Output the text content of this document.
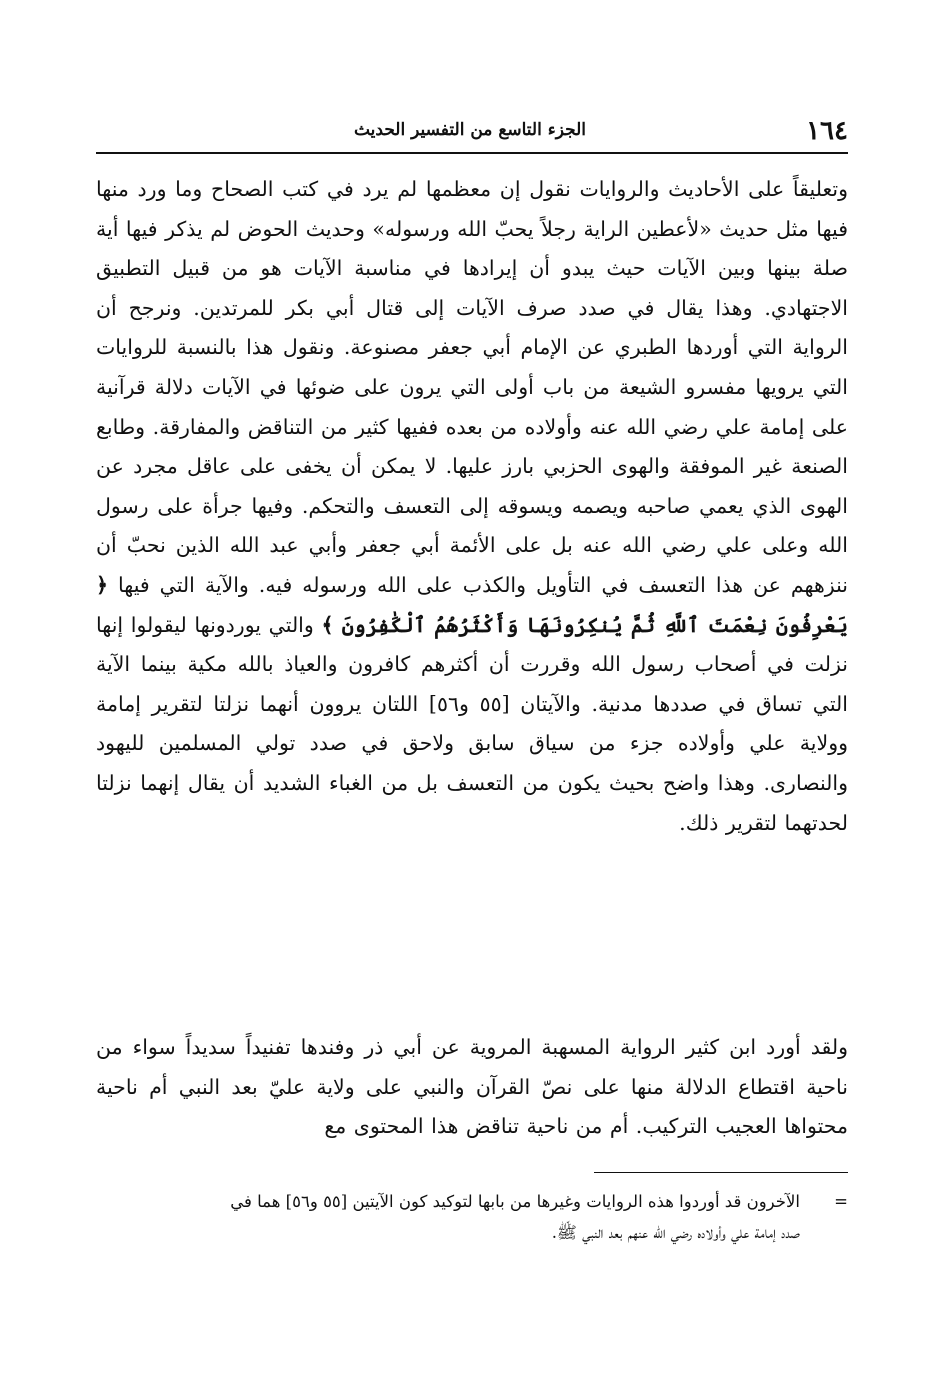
١٦٤
الجزء التاسع من التفسير الحديث

وتعليقاً على الأحاديث والروايات نقول إن معظمها لم يرد في كتب الصحاح وما ورد منها فيها مثل حديث «لأعطين الراية رجلاً يحبّ الله ورسوله» وحديث الحوض لم يذكر فيها أية صلة بينها وبين الآيات حيث يبدو أن إيرادها في مناسبة الآيات هو من قبيل التطبيق الاجتهادي. وهذا يقال في صدد صرف الآيات إلى قتال أبي بكر للمرتدين. ونرجح أن الرواية التي أوردها الطبري عن الإمام أبي جعفر مصنوعة. ونقول هذا بالنسبة للروايات التي يرويها مفسرو الشيعة من باب أولى التي يرون على ضوئها في الآيات دلالة قرآنية على إمامة علي رضي الله عنه وأولاده من بعده ففيها كثير من التناقض والمفارقة. وطابع الصنعة غير الموفقة والهوى الحزبي بارز عليها. لا يمكن أن يخفى على عاقل مجرد عن الهوى الذي يعمي صاحبه ويصمه ويسوقه إلى التعسف والتحكم. وفيها جرأة على رسول الله وعلى علي رضي الله عنه بل على الأئمة أبي جعفر وأبي عبد الله الذين نحبّ أن ننزههم عن هذا التعسف في التأويل والكذب على الله ورسوله فيه. والآية التي فيها ﴿ يَعْرِفُونَ نِعْمَتَ ٱللَّهِ ثُمَّ يُنكِرُونَهَا وَأَكْثَرُهُمُ ٱلْكَٰفِرُونَ ﴾ والتي يوردونها ليقولوا إنها نزلت في أصحاب رسول الله وقررت أن أكثرهم كافرون والعياذ بالله مكية بينما الآية التي تساق في صددها مدنية. والآيتان [٥٥ و٥٦] اللتان يروون أنهما نزلتا لتقرير إمامة وولاية علي وأولاده جزء من سياق سابق ولاحق في صدد تولي المسلمين لليهود والنصارى. وهذا واضح بحيث يكون من التعسف بل من الغباء الشديد أن يقال إنهما نزلتا لحدتهما لتقرير ذلك.

ولقد أورد ابن كثير الرواية المسهبة المروية عن أبي ذر وفندها تفنيداً سديداً سواء من ناحية اقتطاع الدلالة منها على نصّ القرآن والنبي على ولاية عليّ بعد النبي أم ناحية محتواها العجيب التركيب. أم من ناحية تناقض هذا المحتوى مع

=
الآخرون قد أوردوا هذه الروايات وغيرها من بابها لتوكيد كون الآيتين [٥٥ و٥٦] هما في
صدد إمامة علي وأولاده رضي الله عنهم بعد النبي ﷺ.
